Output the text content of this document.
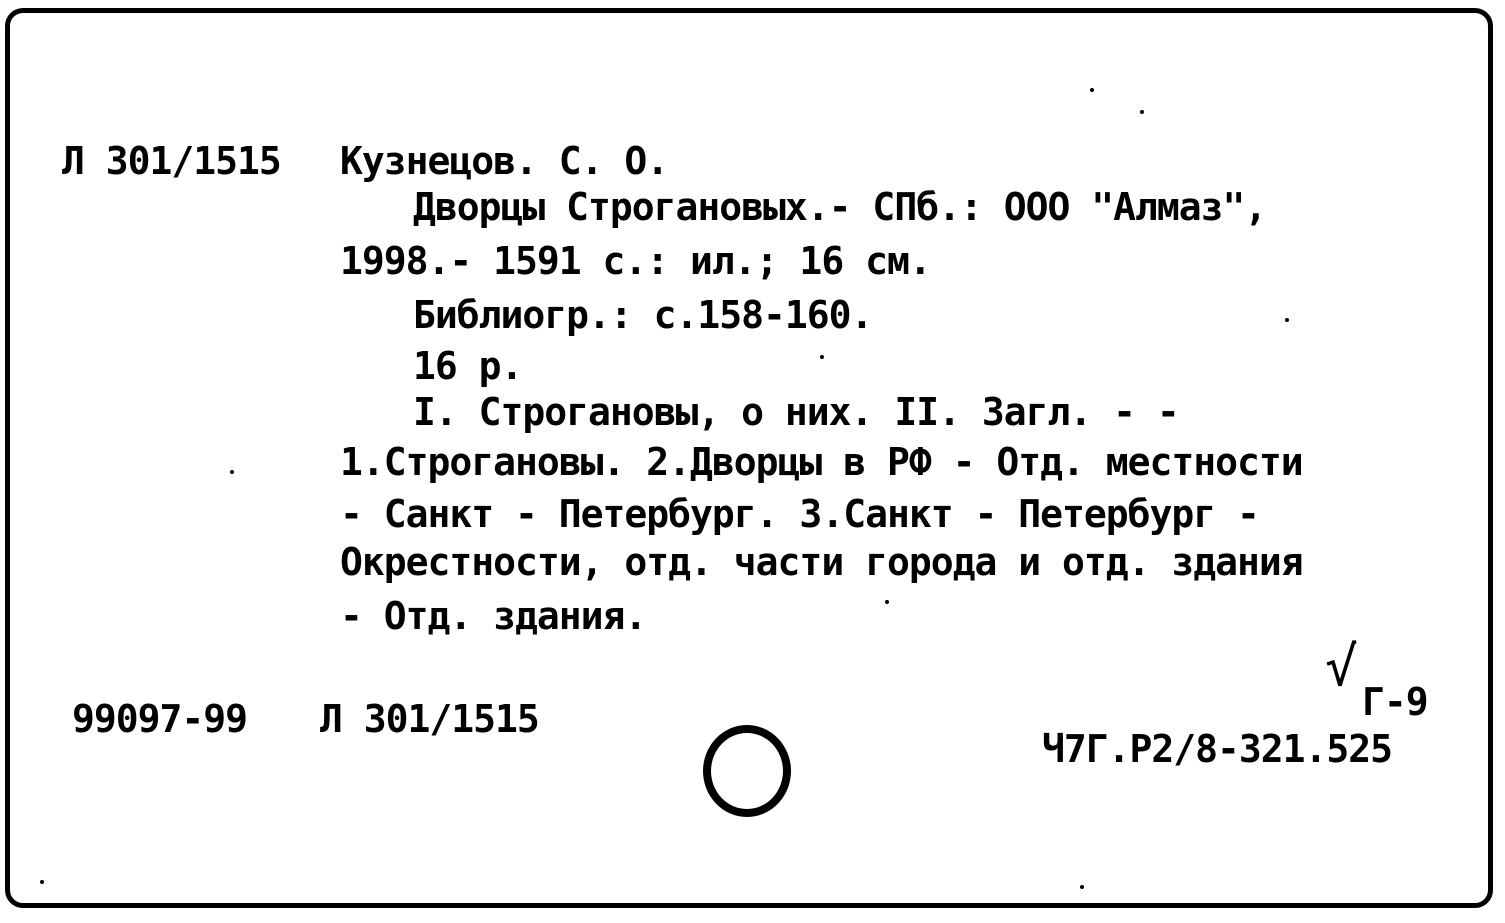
Л 301/1515 Кузнецов. С. О.
Дворцы Строгановых.- СПб.: ООО "Алмаз",
1998.- 1591 с.: ил.; 16 см.
Библиогр.: с.158-160.
16 р.
I. Строгановы, о них. II. Загл. - -
1.Строгановы. 2.Дворцы в РФ - Отд. местности
- Санкт - Петербург. 3.Санкт - Петербург -
Окрестности, отд. части города и отд. здания
- Отд. здания.
99097-99 Л 301/1515
√
Г-9
Ч7Г.Р2/8-321.525
